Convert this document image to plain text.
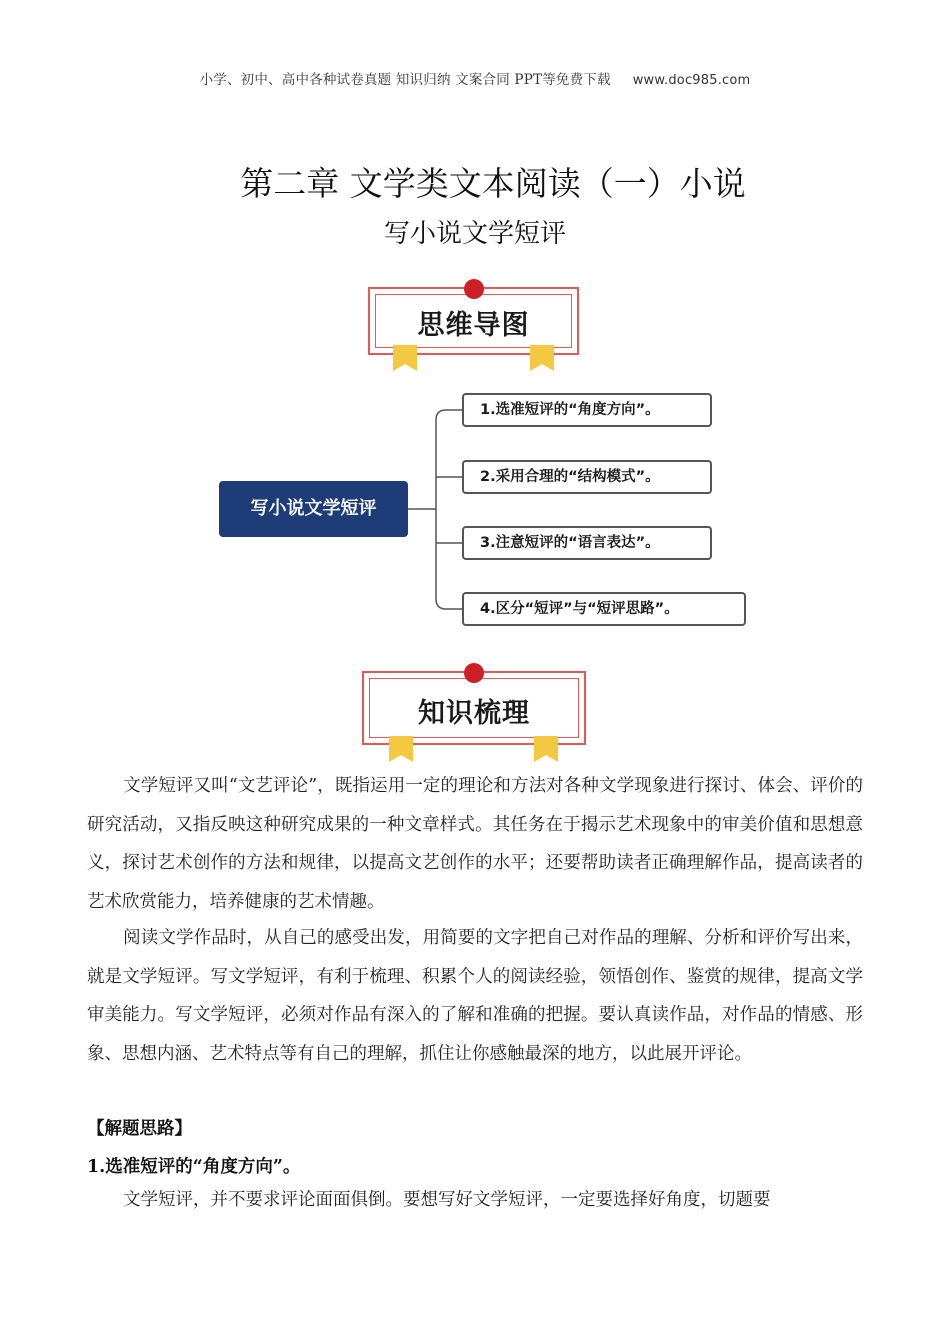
小学、初中、高中各种试卷真题 知识归纳 文案合同 PPT等免费下载 www.doc985.com
第二章 文学类文本阅读（一）小说
写小说文学短评
思维导图
写小说文学短评
1.选准短评的“角度方向”。
2.采用合理的“结构模式”。
3.注意短评的“语言表达”。
4.区分“短评”与“短评思路”。
知识梳理
文学短评又叫“文艺评论”，既指运用一定的理论和方法对各种文学现象进行探讨、体会、评价的研究活动，又指反映这种研究成果的一种文章样式。其任务在于揭示艺术现象中的审美价值和思想意义，探讨艺术创作的方法和规律，以提高文艺创作的水平；还要帮助读者正确理解作品，提高读者的艺术欣赏能力，培养健康的艺术情趣。
阅读文学作品时，从自己的感受出发，用简要的文字把自己对作品的理解、分析和评价写出来，就是文学短评。写文学短评，有利于梳理、积累个人的阅读经验，领悟创作、鉴赏的规律，提高文学审美能力。写文学短评，必须对作品有深入的了解和准确的把握。要认真读作品，对作品的情感、形象、思想内涵、艺术特点等有自己的理解，抓住让你感触最深的地方，以此展开评论。
【解题思路】
1.选准短评的“角度方向”。
文学短评，并不要求评论面面俱倒。要想写好文学短评，一定要选择好角度，切题要
